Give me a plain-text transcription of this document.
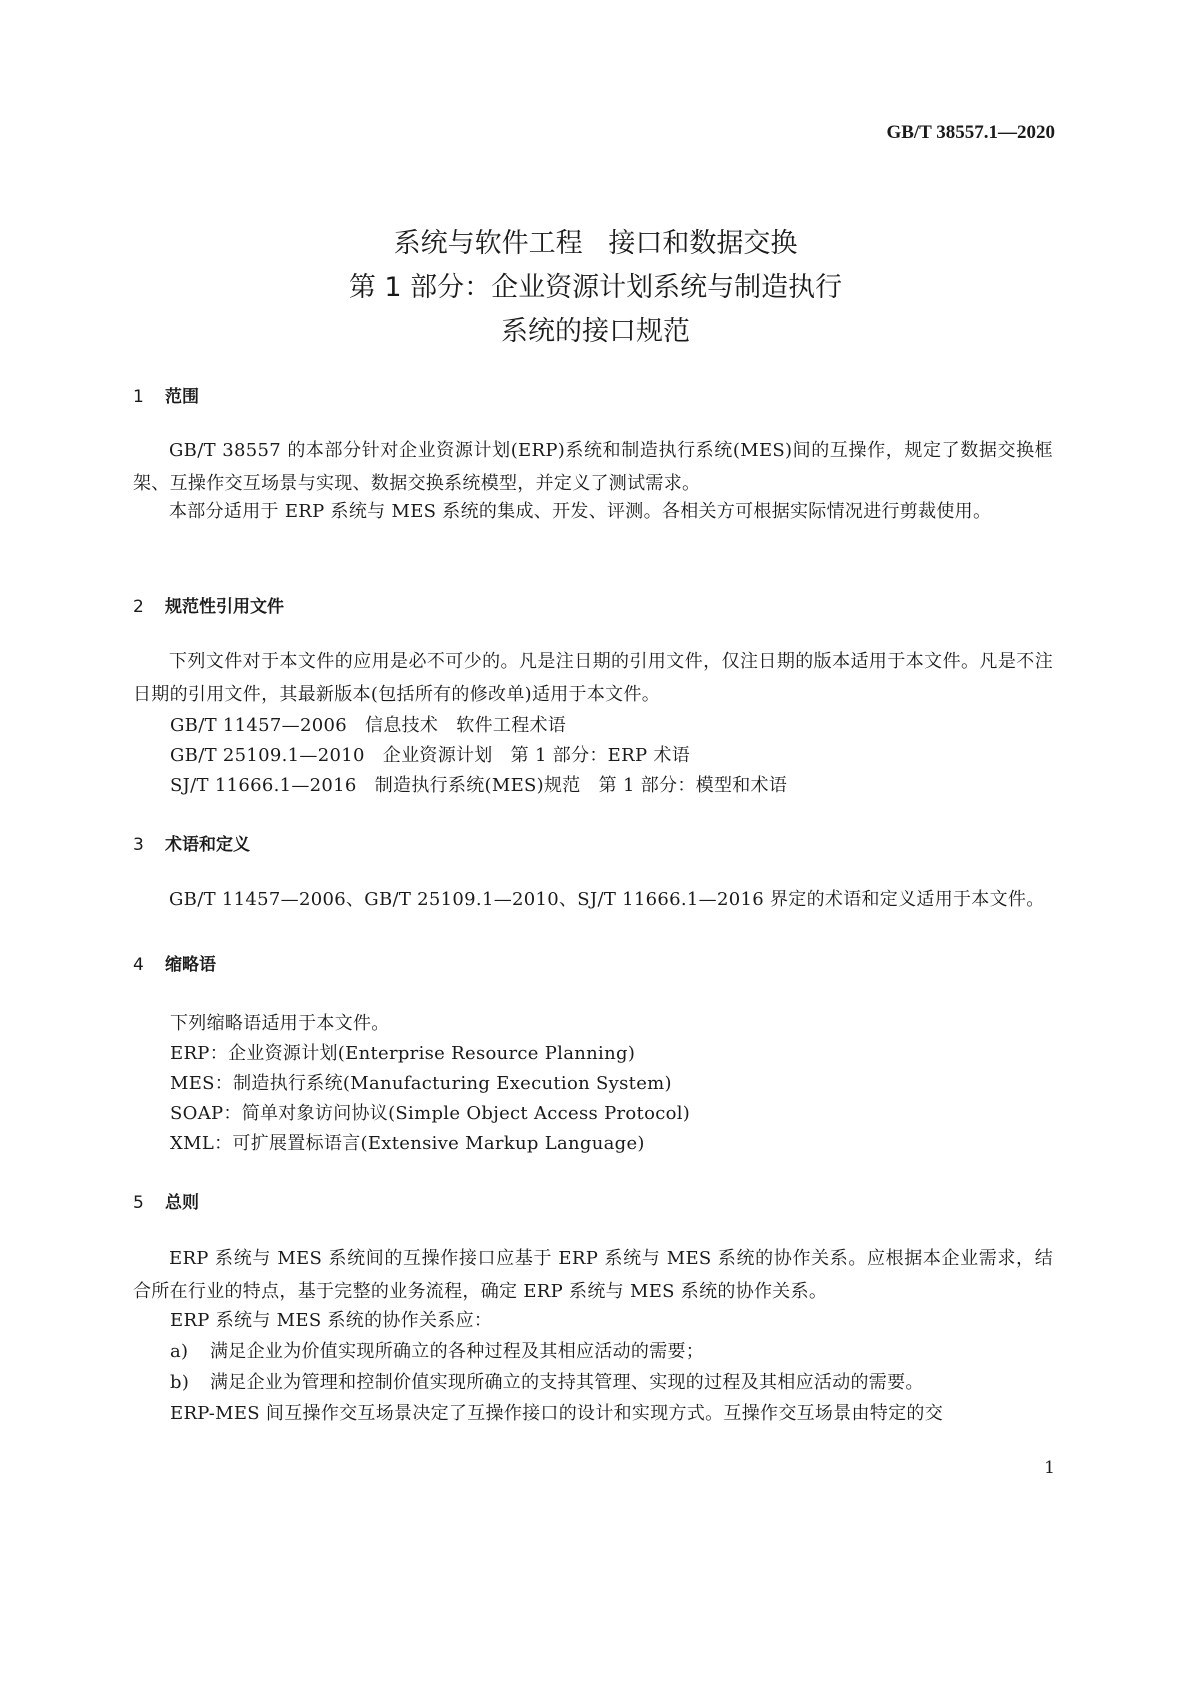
GB/T 38557.1—2020
系统与软件工程   接口和数据交换
第 1 部分：企业资源计划系统与制造执行
系统的接口规范
1 范围
GB/T 38557 的本部分针对企业资源计划(ERP)系统和制造执行系统(MES)间的互操作，规定了数据交换框架、互操作交互场景与实现、数据交换系统模型，并定义了测试需求。
本部分适用于 ERP 系统与 MES 系统的集成、开发、评测。各相关方可根据实际情况进行剪裁使用。
2 规范性引用文件
下列文件对于本文件的应用是必不可少的。凡是注日期的引用文件，仅注日期的版本适用于本文件。凡是不注日期的引用文件，其最新版本(包括所有的修改单)适用于本文件。
GB/T 11457—2006   信息技术   软件工程术语
GB/T 25109.1—2010   企业资源计划   第 1 部分：ERP 术语
SJ/T 11666.1—2016   制造执行系统(MES)规范   第 1 部分：模型和术语
3 术语和定义
GB/T 11457—2006、GB/T 25109.1—2010、SJ/T 11666.1—2016 界定的术语和定义适用于本文件。
4 缩略语
下列缩略语适用于本文件。
ERP：企业资源计划(Enterprise Resource Planning)
MES：制造执行系统(Manufacturing Execution System)
SOAP：简单对象访问协议(Simple Object Access Protocol)
XML：可扩展置标语言(Extensive Markup Language)
5 总则
ERP 系统与 MES 系统间的互操作接口应基于 ERP 系统与 MES 系统的协作关系。应根据本企业需求，结合所在行业的特点，基于完整的业务流程，确定 ERP 系统与 MES 系统的协作关系。
ERP 系统与 MES 系统的协作关系应：
a) 满足企业为价值实现所确立的各种过程及其相应活动的需要；
b) 满足企业为管理和控制价值实现所确立的支持其管理、实现的过程及其相应活动的需要。
ERP-MES 间互操作交互场景决定了互操作接口的设计和实现方式。互操作交互场景由特定的交
1
